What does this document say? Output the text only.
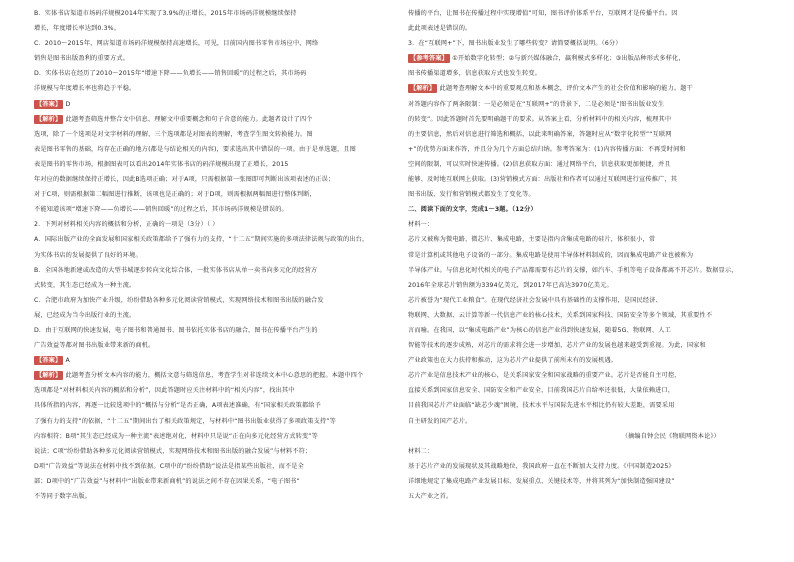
B．实体书店渠道市场码洋规模2014年实现了3.9%的正增长，2015年市场码洋规模继续保持

增长，年度增长率达到0.3%。

C．2010～2015年，网店渠道市场码洋规模保持高速增长，可见，目前国内图书零售市场应中，网络

销售是图书出版盈利的重要方式。

D．实体书店在经历了2010～2015年“增速下降——负增长——销售回暖”的过程之后，其市场码

洋规模与年度增长率也将趋于平稳。

【答案】 D

【解析】 此题考查筛选并整合文中信息、理解文中重要概念和句子含意的能力。此题者设计了四个

选项，除了一个选项是对文字材料的理解，三个选项都是对图表的理解，考查学生图文转换能力。图

表是图书零售的基础，均存在正确的地方(都是与结论相关的内容)，要求选出其中错误的一项。由于是单选题，且图

表是图书的零售市场，根据图表可以看出2014年实体书店的码洋规模出现了正增长，2015

年对应的数据继续保持正增长，因此B选项正确；对于A项，只需根据第一张图即可判断出该项表述的正误；

对于C项，则需根据第二幅图进行推断，该项也是正确的；对于D项，则需根据两幅图进行整体判断，

不能知道该项“增速下降——负增长——销售回暖”的过程之后，其市场码洋规模是错误的。

2．下列对材料相关内容的概括和分析，正确的一项是（3分）（ ）

A．国际出版产业的全面发展和国家相关政策都给予了强有力的支持，“十二五”期间实施的多项法律法规与政策的出台，

为实体书店的发展提供了良好的环境。

B．全国各地新建或改造的大型书城逐步转向文化综合体，一批实体书店从单一卖书向多元化的经营方

式转变，其生态已经成为一种主流。

C．合肥市政府为加快产业升级，纷纷借助各种多元化阅读营销模式，实现网络技术和图书出版的融合发

展，已经成为当今出版行业的主流。

D．由于互联网的快速发展，电子图书和普通图书、图书依托实体书店的融合，图书在传播平台产生的

广告效益等都对图书出版业带来新的商机。

【答案】 A

【解析】 此题考查分析文本内容的能力，概括文意与筛选信息，考查学生对非连续文本中心意思的把握。本题中四个

选项都是“对材料相关内容的概括和分析”，因此答题时应关注材料中的“相关内容”，找出其中

具体所指的内容，再逐一比较选项中的“概括与分析”是否正确，A项表述准确，有“国家相关政策都给予

了强有力的支持”的依据，“十二五”期间出台了相关政策规定，与材料中“图书出版业获得了多项政策支持”等

内容相符；B项“其生态已经成为一种主流”表述绝对化，材料中只是说“正在向多元化经营方式转变”等

说法；C项“纷纷借助各种多元化阅读营销模式，实现网络技术和图书出版的融合发展”与材料不符；

D项“广告效益”等说法在材料中找不到依据。C项中的“纷纷借助”说法是指某些出版社，而不是全

部；D项中的“广告效益”与材料中“出版业带来新商机”的说法之间不存在因果关系，“电子图书”

不等同于数字出版。

传播的平台，让图书在传播过程中实现增值”可知，图书评价体系平台，互联网才是传播平台。因

此此项表述是错误的。

3．在“互联网+”下，图书出版业发生了哪些转变？请简要概括说明。（6分）

【参考答案】 ①开始数字化转型；②与新兴媒体融合，赢利模式多样化；③出版品种形式多样化，

图书传播渠道增多，信息获取方式也发生转变。

【解析】 此题考查理解文本中的重要观点和基本概念，评价文本产生的社会价值和影响的能力。题干

对答题内容作了两条限制：一是必须是在“互联网+”的背景下，二是必须是“图书出版业发生

的转变”。因此答题时首先要明确题干的要求。从答案上看，分析材料中的相关内容，梳理其中

的主要信息，然后对信息进行筛选和概括，以此来明确答案，答题时应从“数字化转型”“互联网

+”的优势方面来作答，并且分为几个方面总结归纳。参考答案为：(1)内容传播方面：不再受时间和

空间的限制，可以实时快速传播。(2)信息获取方面：通过网络平台，信息获取更加便捷，并且

能够、及时地互联网上获取。(3)营销模式方面：出版社和作者可以通过互联网进行宣传推广，其

图书出版、发行和营销模式都发生了变化等。

二、阅读下面的文字，完成1～3题。（12分）

材料一：

芯片又被称为微电路、微芯片、集成电路，主要是指内含集成电路的硅片，体积很小，常

常是计算机或其他电子设备的一部分。集成电路是使用半导体材料制成的，因而集成电路产业也被称为

半导体产业。与信息化时代相关的电子产品都需要有芯片的支撑，如汽车、手机等电子设备都离不开芯片。数据显示，

2016年全球芯片销售额为3394亿美元，到2017年已高达3970亿美元。

芯片被誉为“现代工业粮食”。在现代经济社会发展中具有基础性的支撑作用，是国民经济、

物联网、大数据、云计算等新一代信息产业的核心技术，关系到国家科技、国防安全等多个领域，其重要性不

言而喻。在我国，以“集成电路产业”为核心的信息产业得到快速发展，随着5G、物联网、人工

智能等技术的逐步成熟，对芯片的需求将会进一步增加，芯片产业的发展也越来越受到重视。为此，国家和

产业政策也在大力扶持和推动，这为芯片产业提供了前所未有的发展机遇。

芯片产业是信息技术产业的核心，是关系国家安全和国家战略的重要产业。芯片是否能自主可控，

直接关系到国家信息安全、国防安全和产业安全，目前我国芯片自给率还很低，大量依赖进口，

目前我国芯片产业面临“缺芯少魂”困境，技术水平与国际先进水平相比仍有较大差距，需要采用

自主研发的国产芯片。

（摘编自钟会民《物联网资本论》）

材料二：

基于芯片产业的发展现状及其战略地位，我国政府一直在不断加大支持力度。《中国制造2025》

详细地规定了集成电路产业发展目标、发展重点、关键技术等，并将其列为“加快制造强国建设”

五大产业之首。
